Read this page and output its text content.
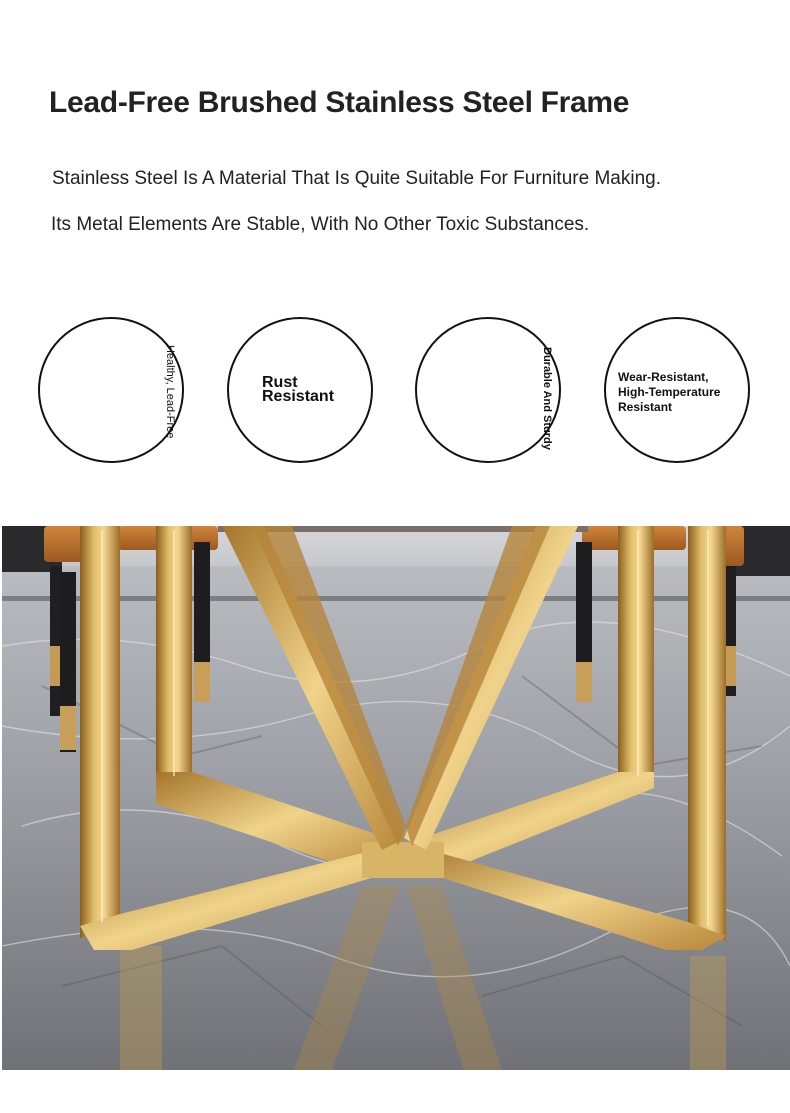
Lead-Free Brushed Stainless Steel Frame

Stainless Steel Is A Material That Is Quite Suitable For Furniture Making.

Its Metal Elements Are Stable, With No Other Toxic Substances.

Healthy, Lead-Free	Rust
Resistant	Durable And Sturdy	Wear-Resistant,
High-Temperature
Resistant
